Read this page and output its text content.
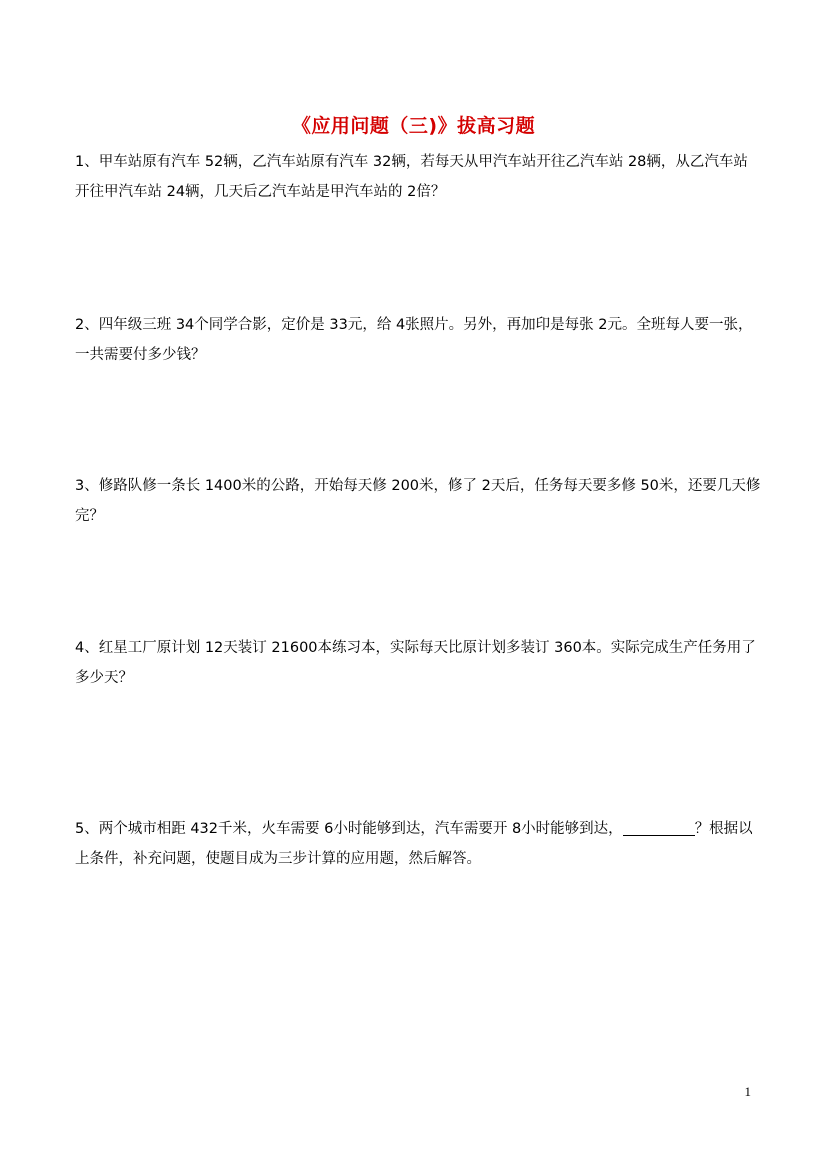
《应用问题（三)》拔高习题

1、甲车站原有汽车 52辆，乙汽车站原有汽车 32辆，若每天从甲汽车站开往乙汽车站 28辆，从乙汽车站

开往甲汽车站 24辆，几天后乙汽车站是甲汽车站的 2倍？

2、四年级三班 34个同学合影，定价是 33元，给 4张照片。另外，再加印是每张 2元。全班每人要一张，

一共需要付多少钱？

3、修路队修一条长 1400米的公路，开始每天修 200米，修了 2天后，任务每天要多修 50米，还要几天修

完？

4、红星工厂原计划 12天装订 21600本练习本，实际每天比原计划多装订 360本。实际完成生产任务用了

多少天？

5、两个城市相距 432千米，火车需要 6小时能够到达，汽车需要开 8小时能够到达，	？根据以

上条件，补充问题，使题目成为三步计算的应用题，然后解答。

1
